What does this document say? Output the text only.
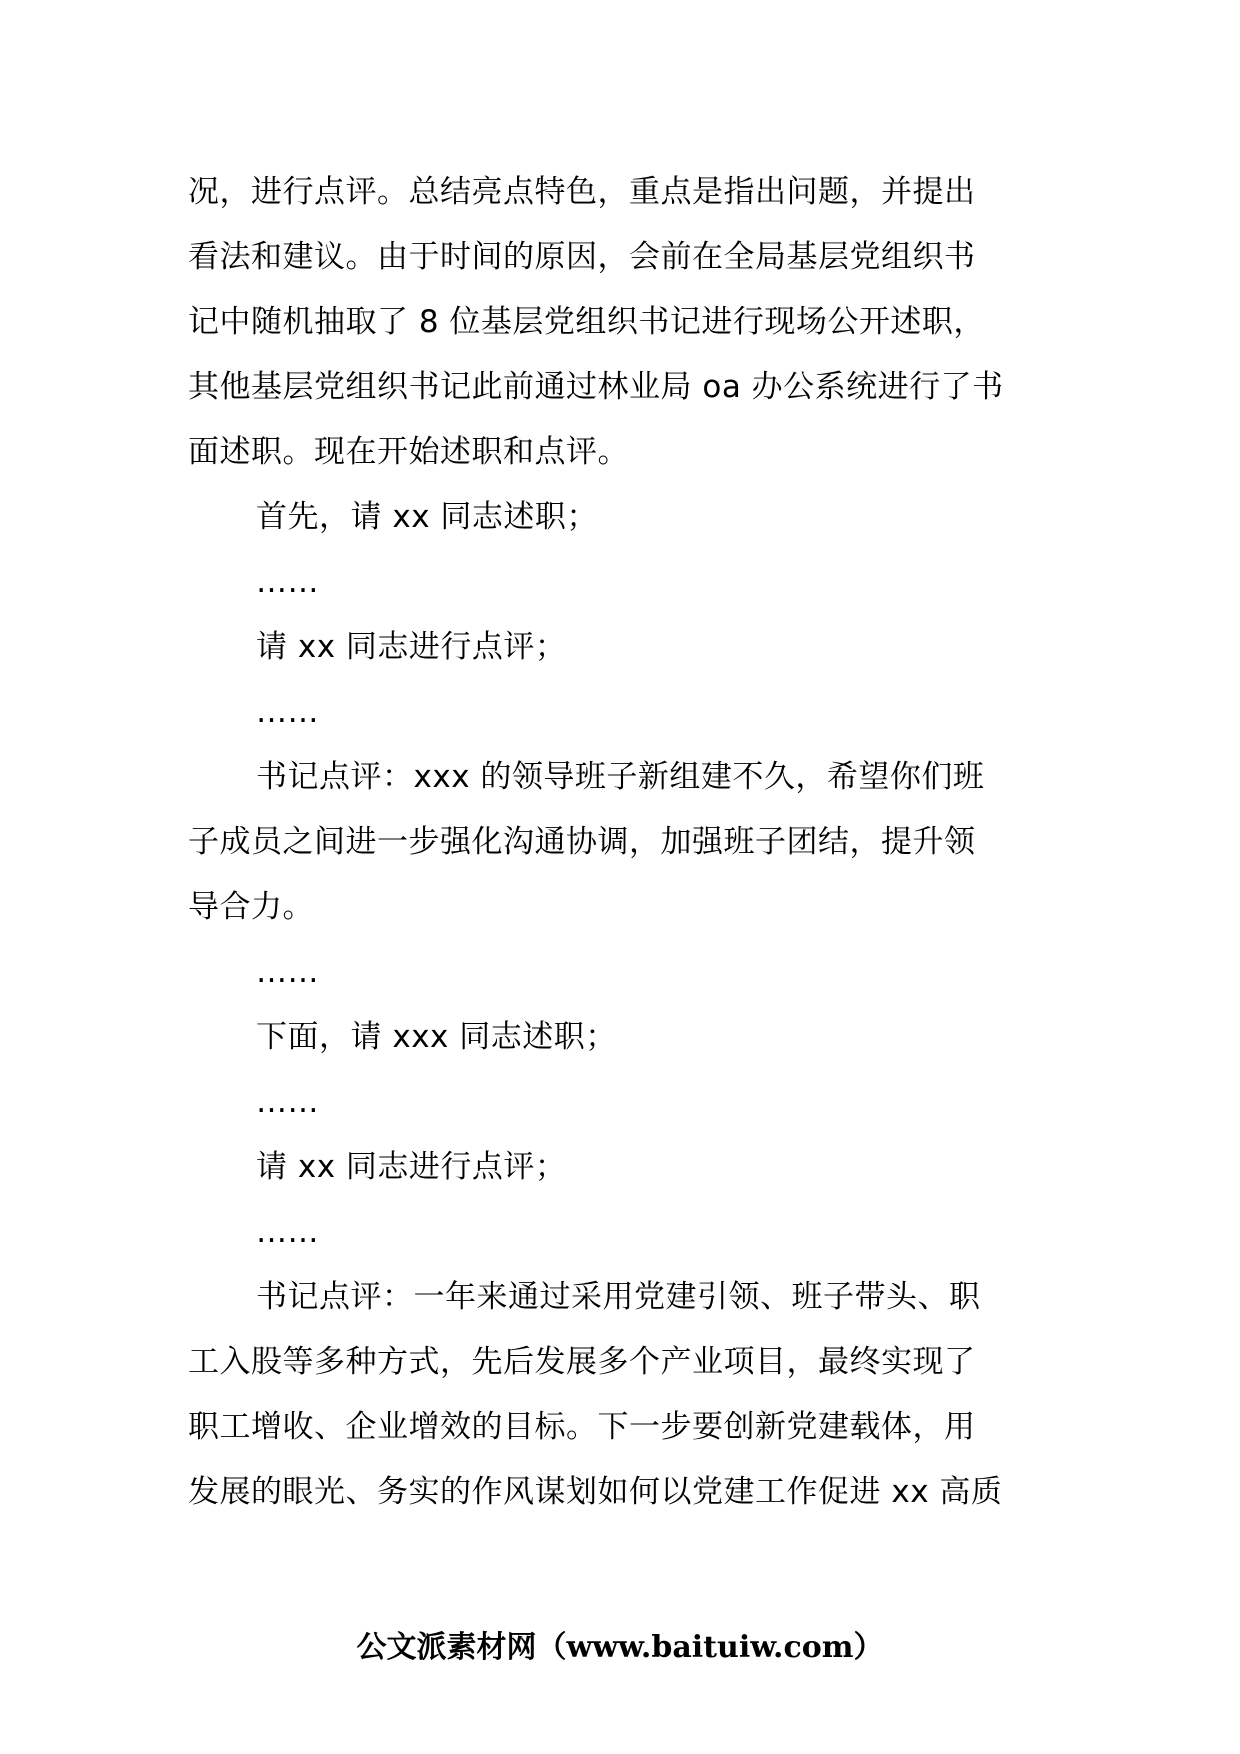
况，进行点评。总结亮点特色，重点是指出问题，并提出
看法和建议。由于时间的原因，会前在全局基层党组织书
记中随机抽取了 8 位基层党组织书记进行现场公开述职，
其他基层党组织书记此前通过林业局 oa 办公系统进行了书
面述职。现在开始述职和点评。

首先，请 xx 同志述职；

……

请 xx 同志进行点评；

……

书记点评：xxx 的领导班子新组建不久，希望你们班
子成员之间进一步强化沟通协调，加强班子团结，提升领
导合力。

……

下面，请 xxx 同志述职；

……

请 xx 同志进行点评；

……

书记点评：一年来通过采用党建引领、班子带头、职
工入股等多种方式，先后发展多个产业项目，最终实现了
职工增收、企业增效的目标。下一步要创新党建载体，用
发展的眼光、务实的作风谋划如何以党建工作促进 xx 高质

公文派素材网（www.baituiw.com）
